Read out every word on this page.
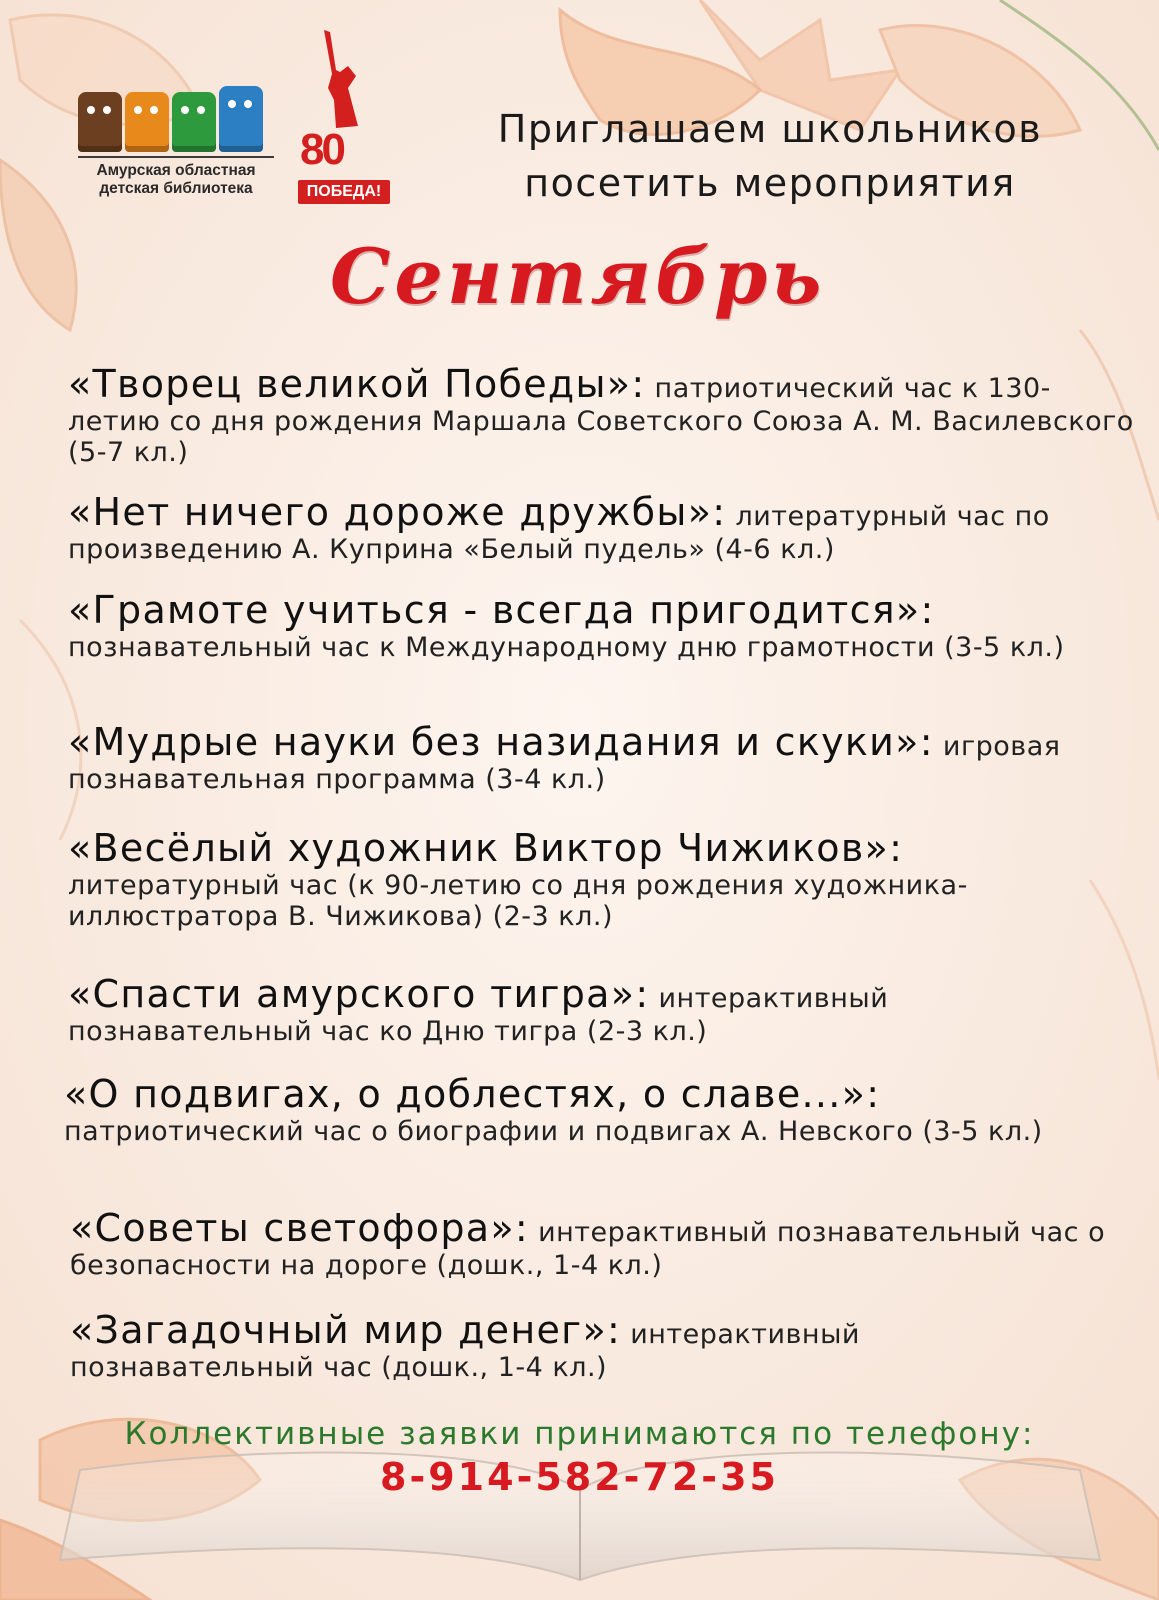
Амурская областная
детская библиотека
80
ПОБЕДА!
Приглашаем школьников
посетить мероприятия
Сентябрь
«Творец великой Победы»: патриотический час к 130-летию со дня рождения Маршала Советского Союза А. М. Василевского (5-7 кл.)
«Нет ничего дороже дружбы»: литературный час по произведению А. Куприна «Белый пудель» (4-6 кл.)
«Грамоте учиться - всегда пригодится»: познавательный час к Международному дню грамотности (3-5 кл.)
«Мудрые науки без назидания и скуки»: игровая познавательная программа (3-4 кл.)
«Весёлый художник Виктор Чижиков»: литературный час (к 90-летию со дня рождения художника-иллюстратора В. Чижикова) (2-3 кл.)
«Спасти амурского тигра»: интерактивный познавательный час ко Дню тигра (2-3 кл.)
«О подвигах, о доблестях, о славе...»: патриотический час о биографии и подвигах А. Невского (3-5 кл.)
«Советы светофора»: интерактивный познавательный час о безопасности на дороге (дошк., 1-4 кл.)
«Загадочный мир денег»: интерактивный познавательный час (дошк., 1-4 кл.)
Коллективные заявки принимаются по телефону:
8-914-582-72-35
